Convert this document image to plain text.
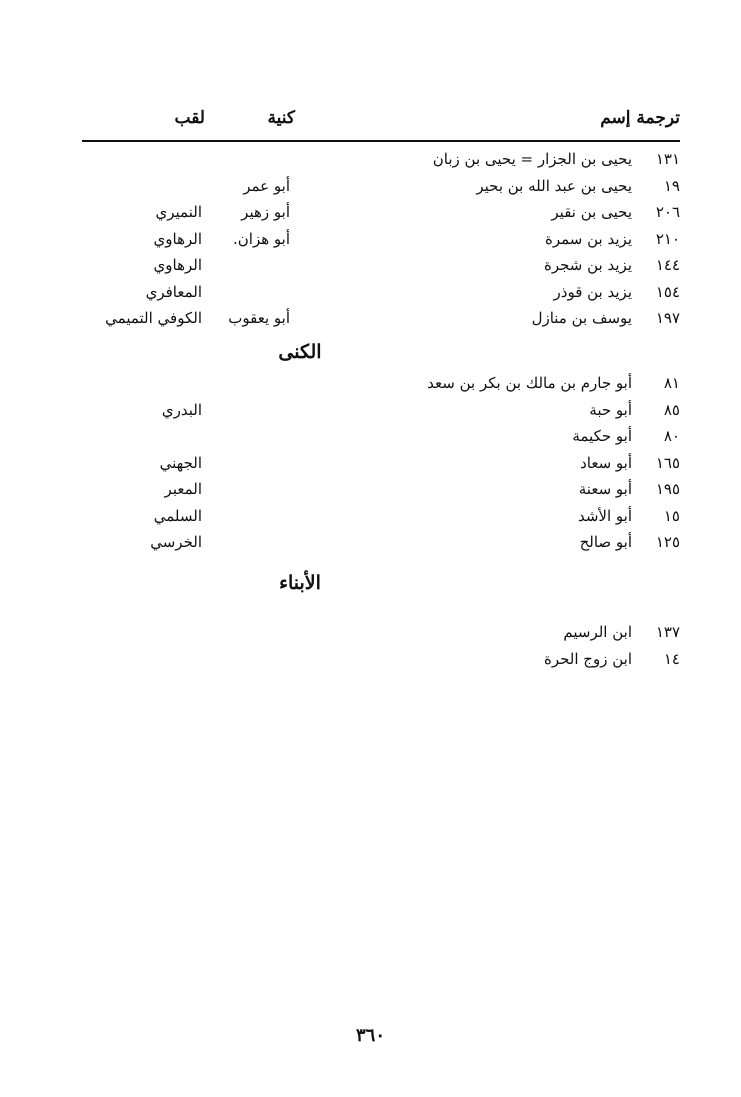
ترجمة إسم
كنية
لقب
١٣١
يحيى بن الجزار = يحيى بن زبان
١٩
يحيى بن عبد الله بن بحير
أبو عمر
٢٠٦
يحيى بن نقير
أبو زهير
النميري
٢١٠
يزيد بن سمرة
أبو هزان.
الرهاوي
١٤٤
يزيد بن شجرة
الرهاوي
١٥٤
يزيد بن قوذر
المعافري
١٩٧
يوسف بن منازل
أبو يعقوب
الكوفي التميمي
الكنى
٨١
أبو جارم بن مالك بن بكر بن سعد
٨٥
أبو حبة
البدري
٨٠
أبو حكيمة
١٦٥
أبو سعاد
الجهني
١٩٥
أبو سعنة
المعبر
١٥
أبو الأشد
السلمي
١٢٥
أبو صالح
الخرسي
الأبناء
١٣٧
ابن الرسيم
١٤
ابن زوج الحرة
٣٦٠
